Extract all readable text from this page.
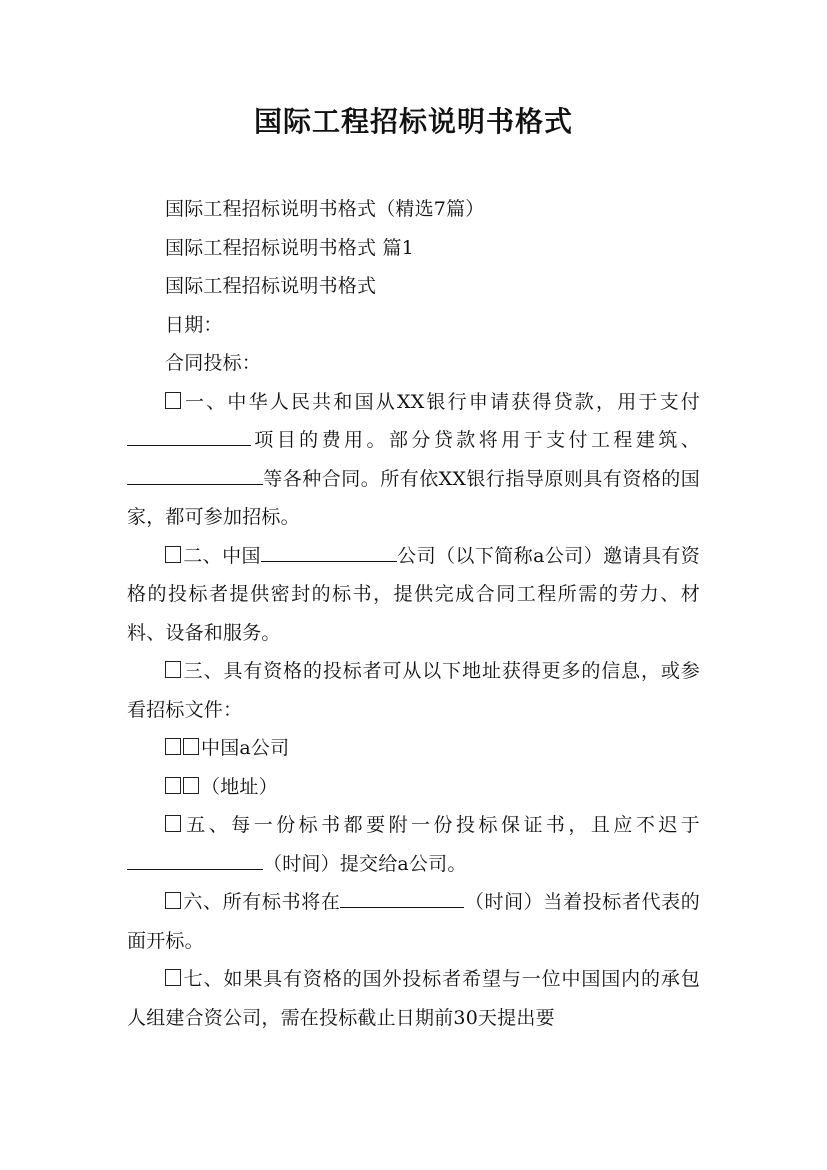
国际工程招标说明书格式

国际工程招标说明书格式（精选7篇）

国际工程招标说明书格式 篇1

国际工程招标说明书格式

日期：

合同投标：

一、中华人民共和国从XX银行申请获得贷款，用于支付项目的费用。部分贷款将用于支付工程建筑、等各种合同。所有依XX银行指导原则具有资格的国家，都可参加招标。

二、中国	公司（以下简称a公司）邀请具有资格的投标者提供密封的标书，提供完成合同工程所需的劳力、材料、设备和服务。

三、具有资格的投标者可从以下地址获得更多的信息，或参看招标文件：

中国a公司

（地址）

五、每一份标书都要附一份投标保证书，且应不迟于（时间）提交给a公司。

六、所有标书将在	（时间）当着投标者代表的面开标。

七、如果具有资格的国外投标者希望与一位中国国内的承包人组建合资公司，需在投标截止日期前30天提出要
